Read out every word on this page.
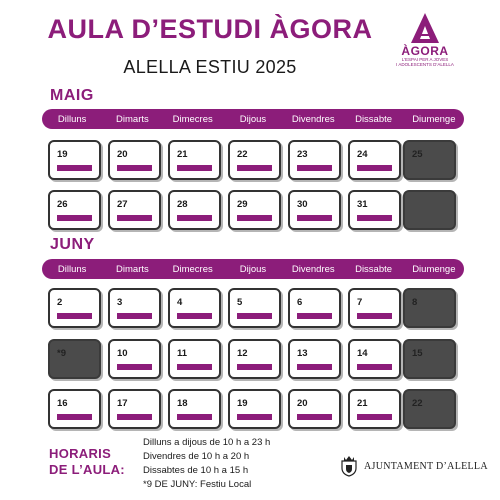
AULA D’ESTUDI ÀGORA
ALELLA ESTIU 2025
ÀGORA
L’ESPAI PER A JOVES
I ADOLESCENTS D’ALELLA
MAIG
Dilluns	Dimarts	Dimecres	Dijous	Divendres	Dissabte	Diumenge
JUNY
Dilluns	Dimarts	Dimecres	Dijous	Divendres	Dissabte	Diumenge
19	20	21	22	23	24	25
26	27	28	29	30	31
2	3	4	5	6	7	8
*9	10	11	12	13	14	15
16	17	18	19	20	21	22
HORARIS
DE L’AULA:
Dilluns a dijous de 10 h a 23 h
Divendres de 10 h a 20 h
Dissabtes de 10 h a 15 h
*9 DE JUNY: Festiu Local
AJUNTAMENT D’ALELLA
